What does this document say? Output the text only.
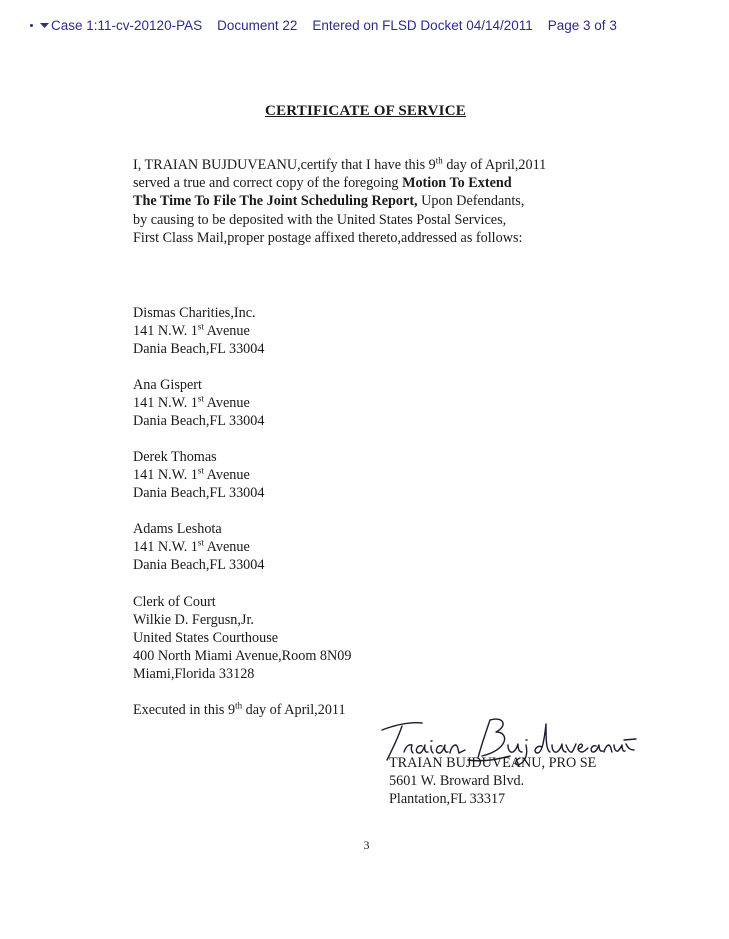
Case 1:11-cv-20120-PAS Document 22 Entered on FLSD Docket 04/14/2011 Page 3 of 3
CERTIFICATE OF SERVICE
I, TRAIAN BUJDUVEANU,certify that I have this 9th day of April,2011
served a true and correct copy of the foregoing Motion To Extend
The Time To File The Joint Scheduling Report, Upon Defendants,
by causing to be deposited with the United States Postal Services,
First Class Mail,proper postage affixed thereto,addressed as follows:
Dismas Charities,Inc.
141 N.W. 1st Avenue
Dania Beach,FL 33004
Ana Gispert
141 N.W. 1st Avenue
Dania Beach,FL 33004
Derek Thomas
141 N.W. 1st Avenue
Dania Beach,FL 33004
Adams Leshota
141 N.W. 1st Avenue
Dania Beach,FL 33004
Clerk of Court
Wilkie D. Fergusn,Jr.
United States Courthouse
400 North Miami Avenue,Room 8N09
Miami,Florida 33128
Executed in this 9th day of April,2011
TRAIAN BUJDUVEANU, PRO SE
5601 W. Broward Blvd.
Plantation,FL 33317
3
